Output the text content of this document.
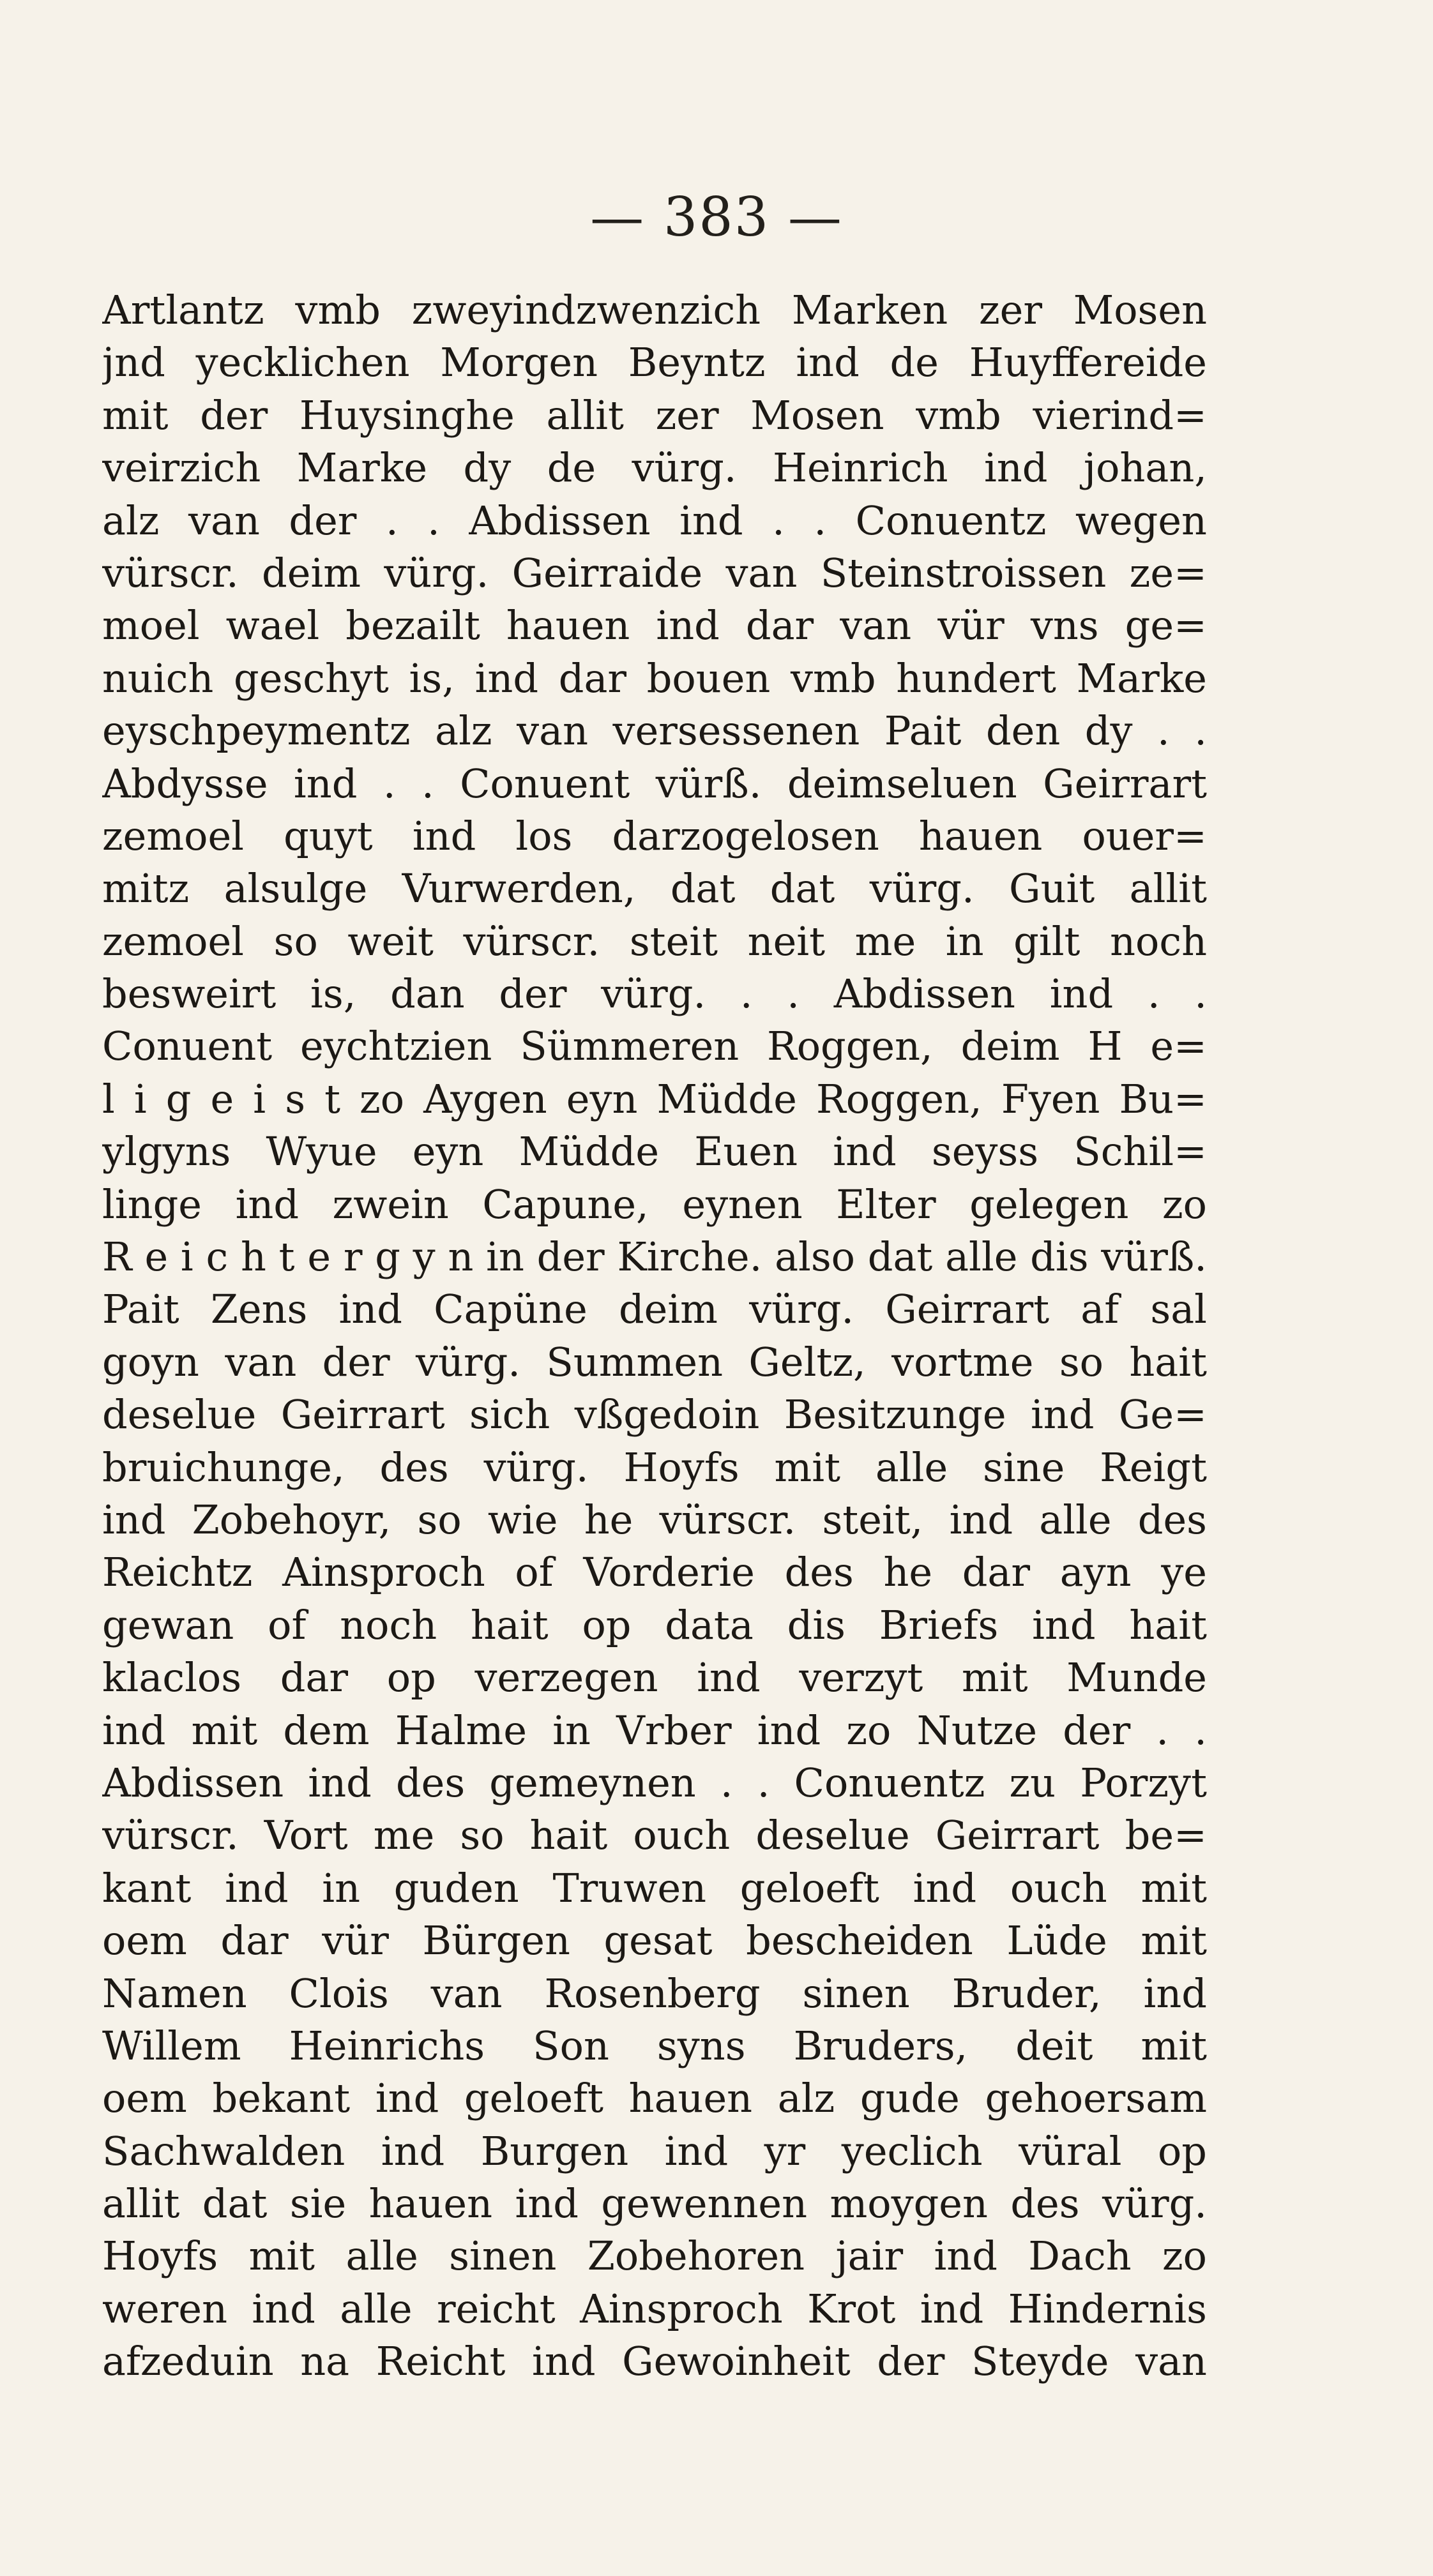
— 383 —
Artlantz vmb zweyindzwenzich Marken zer Mosen
jnd yecklichen Morgen Beyntz ind de Huyffereide
mit der Huysinghe allit zer Mosen vmb vierind=
veirzich Marke dy de vürg. Heinrich ind johan,
alz van der . . Abdissen ind . . Conuentz wegen
vürscr. deim vürg. Geirraide van Steinstroissen ze=
moel wael bezailt hauen ind dar van vür vns ge=
nuich geschyt is, ind dar bouen vmb hundert Marke
eyschpeymentz alz van versessenen Pait den dy . .
Abdysse ind . . Conuent vürß. deimseluen Geirrart
zemoel quyt ind los darzogelosen hauen ouer=
mitz alsulge Vurwerden, dat dat vürg. Guit allit
zemoel so weit vürscr. steit neit me in gilt noch
besweirt is, dan der vürg. . . Abdissen ind . .
Conuent eychtzien Sümmeren Roggen, deim H e=
l i g e i s t zo Aygen eyn Müdde Roggen, Fyen Bu=
ylgyns Wyue eyn Müdde Euen ind seyss Schil=
linge ind zwein Capune, eynen Elter gelegen zo
R e i c h t e r g y n in der Kirche. also dat alle dis vürß.
Pait Zens ind Capüne deim vürg. Geirrart af sal
goyn van der vürg. Summen Geltz, vortme so hait
deselue Geirrart sich vßgedoin Besitzunge ind Ge=
bruichunge, des vürg. Hoyfs mit alle sine Reigt
ind Zobehoyr, so wie he vürscr. steit, ind alle des
Reichtz Ainsproch of Vorderie des he dar ayn ye
gewan of noch hait op data dis Briefs ind hait
klaclos dar op verzegen ind verzyt mit Munde
ind mit dem Halme in Vrber ind zo Nutze der . .
Abdissen ind des gemeynen . . Conuentz zu Porzyt
vürscr. Vort me so hait ouch deselue Geirrart be=
kant ind in guden Truwen geloeft ind ouch mit
oem dar vür Bürgen gesat bescheiden Lüde mit
Namen Clois van Rosenberg sinen Bruder, ind
Willem Heinrichs Son syns Bruders, deit mit
oem bekant ind geloeft hauen alz gude gehoersam
Sachwalden ind Burgen ind yr yeclich vüral op
allit dat sie hauen ind gewennen moygen des vürg.
Hoyfs mit alle sinen Zobehoren jair ind Dach zo
weren ind alle reicht Ainsproch Krot ind Hindernis
afzeduin na Reicht ind Gewoinheit der Steyde van
